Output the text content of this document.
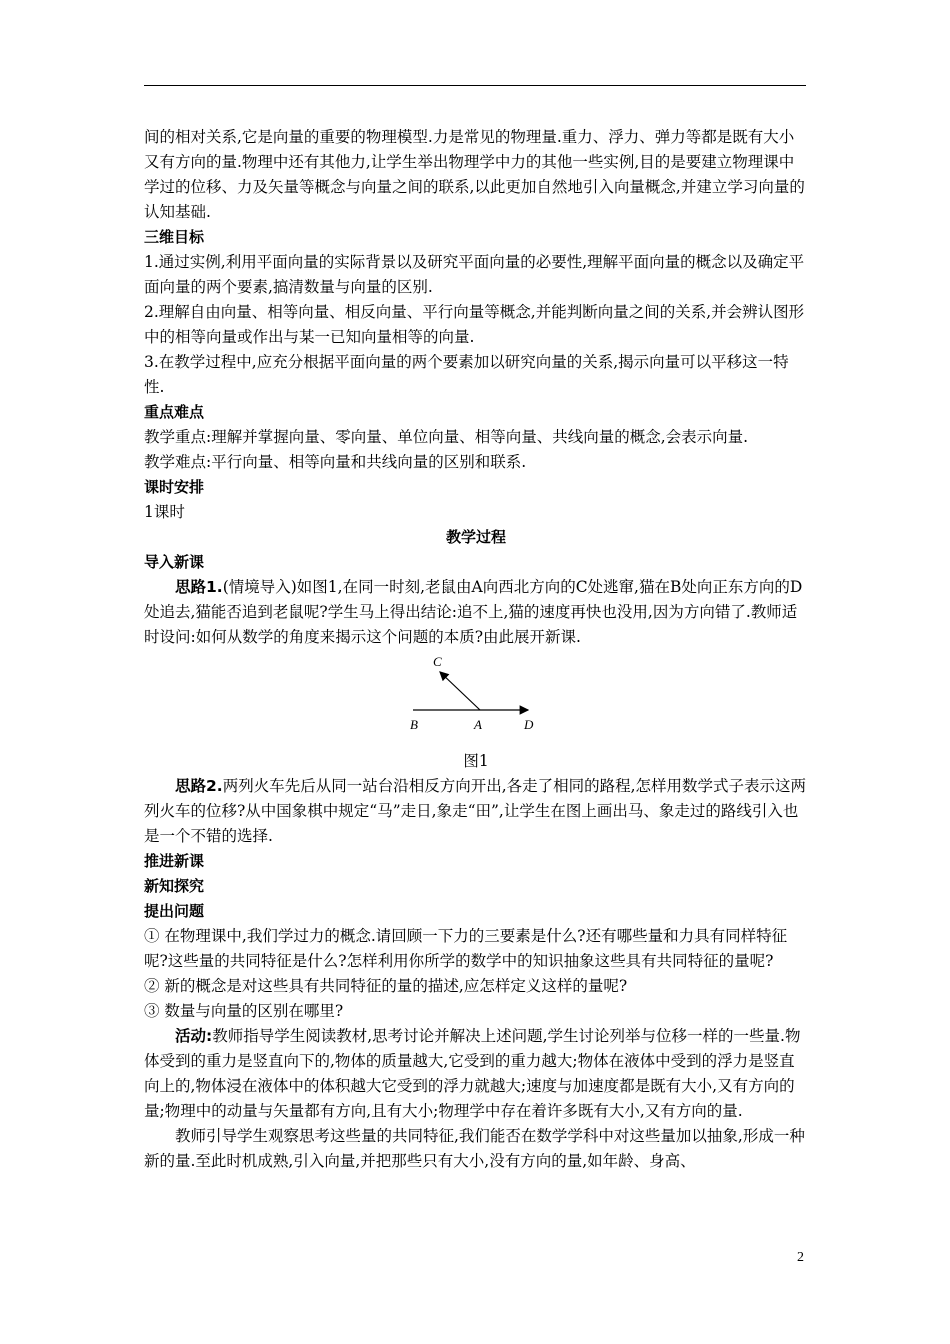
间的相对关系,它是向量的重要的物理模型.力是常见的物理量.重力、浮力、弹力等都是既有大小又有方向的量.物理中还有其他力,让学生举出物理学中力的其他一些实例,目的是要建立物理课中学过的位移、力及矢量等概念与向量之间的联系,以此更加自然地引入向量概念,并建立学习向量的认知基础.

三维目标

1.通过实例,利用平面向量的实际背景以及研究平面向量的必要性,理解平面向量的概念以及确定平面向量的两个要素,搞清数量与向量的区别.

2.理解自由向量、相等向量、相反向量、平行向量等概念,并能判断向量之间的关系,并会辨认图形中的相等向量或作出与某一已知向量相等的向量.

3.在教学过程中,应充分根据平面向量的两个要素加以研究向量的关系,揭示向量可以平移这一特性.

重点难点

教学重点:理解并掌握向量、零向量、单位向量、相等向量、共线向量的概念,会表示向量.

教学难点:平行向量、相等向量和共线向量的区别和联系.

课时安排

1课时

教学过程

导入新课

思路1.(情境导入)如图1,在同一时刻,老鼠由A向西北方向的C处逃窜,猫在B处向正东方向的D处追去,猫能否追到老鼠呢?学生马上得出结论:追不上,猫的速度再快也没用,因为方向错了.教师适时设问:如何从数学的角度来揭示这个问题的本质?由此展开新课.

C
B	A	D

图1

思路2.两列火车先后从同一站台沿相反方向开出,各走了相同的路程,怎样用数学式子表示这两列火车的位移?从中国象棋中规定“马”走日,象走“田”,让学生在图上画出马、象走过的路线引入也是一个不错的选择.

推进新课

新知探究

提出问题

① 在物理课中,我们学过力的概念.请回顾一下力的三要素是什么?还有哪些量和力具有同样特征呢?这些量的共同特征是什么?怎样利用你所学的数学中的知识抽象这些具有共同特征的量呢?

② 新的概念是对这些具有共同特征的量的描述,应怎样定义这样的量呢?

③ 数量与向量的区别在哪里?

活动:教师指导学生阅读教材,思考讨论并解决上述问题,学生讨论列举与位移一样的一些量.物体受到的重力是竖直向下的,物体的质量越大,它受到的重力越大;物体在液体中受到的浮力是竖直向上的,物体浸在液体中的体积越大它受到的浮力就越大;速度与加速度都是既有大小,又有方向的量;物理中的动量与矢量都有方向,且有大小;物理学中存在着许多既有大小,又有方向的量.

教师引导学生观察思考这些量的共同特征,我们能否在数学学科中对这些量加以抽象,形成一种新的量.至此时机成熟,引入向量,并把那些只有大小,没有方向的量,如年龄、身高、

2
